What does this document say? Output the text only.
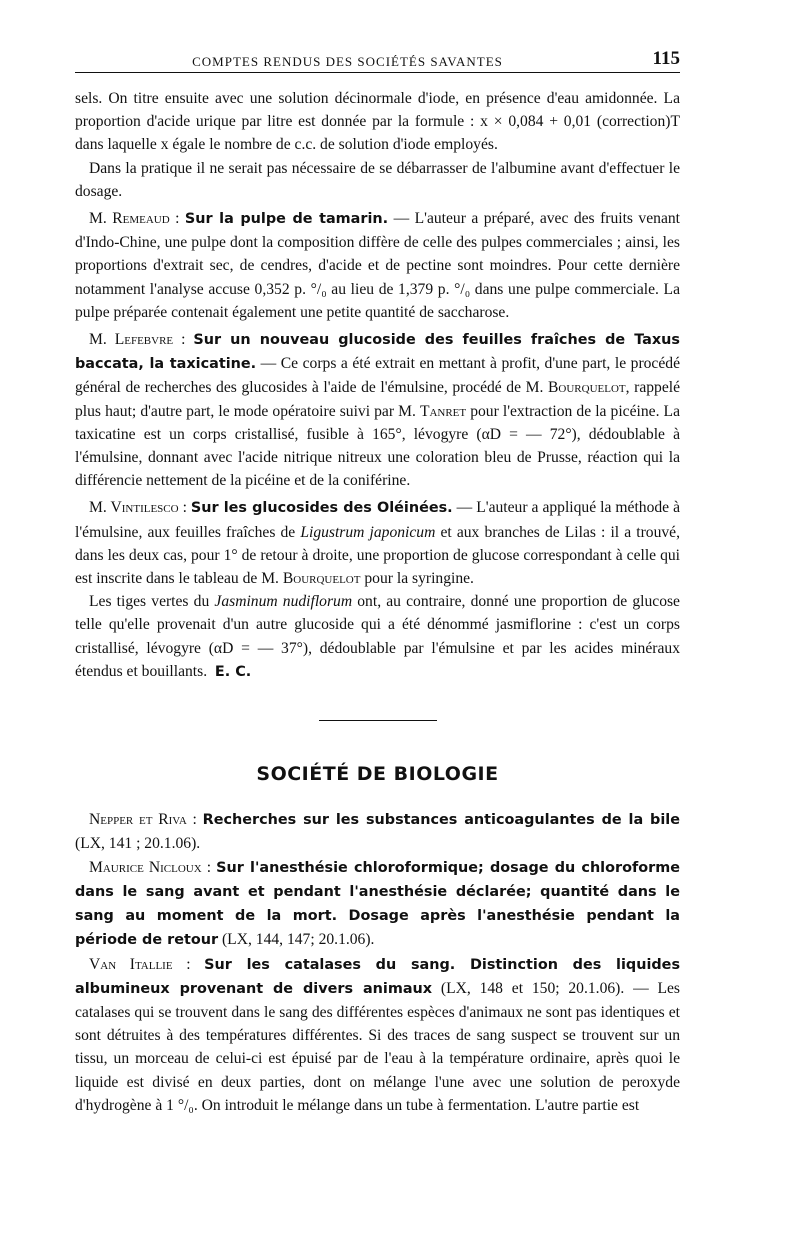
COMPTES RENDUS DES SOCIÉTÉS SAVANTES	115

sels. On titre ensuite avec une solution décinormale d'iode, en présence d'eau amidonnée. La proportion d'acide urique par litre est donnée par la formule : x × 0,084 + 0,01 (correction)T dans laquelle x égale le nombre de c.c. de solution d'iode employés.

Dans la pratique il ne serait pas nécessaire de se débarrasser de l'albumine avant d'effectuer le dosage.

M. Remeaud : Sur la pulpe de tamarin. — L'auteur a préparé, avec des fruits venant d'Indo-Chine, une pulpe dont la composition diffère de celle des pulpes commerciales ; ainsi, les proportions d'extrait sec, de cendres, d'acide et de pectine sont moindres. Pour cette dernière notamment l'analyse accuse 0,352 p. °/₀ au lieu de 1,379 p. °/₀ dans une pulpe commerciale. La pulpe préparée contenait également une petite quantité de saccharose.

M. Lefebvre : Sur un nouveau glucoside des feuilles fraîches de Taxus baccata, la taxicatine. — Ce corps a été extrait en mettant à profit, d'une part, le procédé général de recherches des glucosides à l'aide de l'émulsine, procédé de M. Bourquelot, rappelé plus haut; d'autre part, le mode opératoire suivi par M. Tanret pour l'extraction de la picéine. La taxicatine est un corps cristallisé, fusible à 165°, lévogyre (αD = — 72°), dédoublable à l'émulsine, donnant avec l'acide nitrique nitreux une coloration bleu de Prusse, réaction qui la différencie nettement de la picéine et de la coniférine.

M. Vintilesco : Sur les glucosides des Oléinées. — L'auteur a appliqué la méthode à l'émulsine, aux feuilles fraîches de Ligustrum japonicum et aux branches de Lilas : il a trouvé, dans les deux cas, pour 1° de retour à droite, une proportion de glucose correspondant à celle qui est inscrite dans le tableau de M. Bourquelot pour la syringine.

Les tiges vertes du Jasminum nudiflorum ont, au contraire, donné une proportion de glucose telle qu'elle provenait d'un autre glucoside qui a été dénommé jasmiflorine : c'est un corps cristallisé, lévogyre (αD = — 37°), dédoublable par l'émulsine et par les acides minéraux étendus et bouillants. E. C.

SOCIÉTÉ DE BIOLOGIE

Nepper et Riva : Recherches sur les substances anticoagulantes de la bile (LX, 141 ; 20.1.06).

Maurice Nicloux : Sur l'anesthésie chloroformique; dosage du chloroforme dans le sang avant et pendant l'anesthésie déclarée; quantité dans le sang au moment de la mort. Dosage après l'anesthésie pendant la période de retour (LX, 144, 147; 20.1.06).

Van Itallie : Sur les catalases du sang. Distinction des liquides albumineux provenant de divers animaux (LX, 148 et 150; 20.1.06). — Les catalases qui se trouvent dans le sang des différentes espèces d'animaux ne sont pas identiques et sont détruites à des températures différentes. Si des traces de sang suspect se trouvent sur un tissu, un morceau de celui-ci est épuisé par de l'eau à la température ordinaire, après quoi le liquide est divisé en deux parties, dont on mélange l'une avec une solution de peroxyde d'hydrogène à 1 °/₀. On introduit le mélange dans un tube à fermentation. L'autre partie est
